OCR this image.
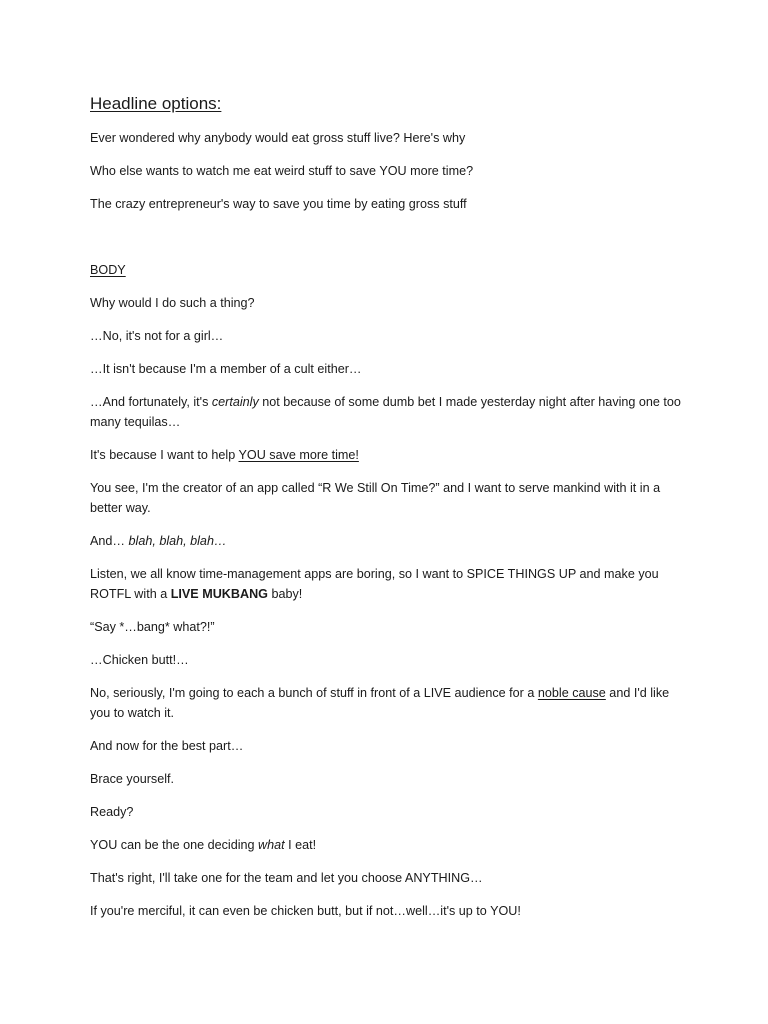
Headline options:

Ever wondered why anybody would eat gross stuff live? Here's why

Who else wants to watch me eat weird stuff to save YOU more time?

The crazy entrepreneur's way to save you time by eating gross stuff

BODY

Why would I do such a thing?

…No, it's not for a girl…

…It isn't because I'm a member of a cult either…

…And fortunately, it's certainly not because of some dumb bet I made yesterday night after having one too many tequilas…

It's because I want to help YOU save more time!

You see, I'm the creator of an app called “R We Still On Time?” and I want to serve mankind with it in a better way.

And… blah, blah, blah…

Listen, we all know time-management apps are boring, so I want to SPICE THINGS UP and make you ROTFL with a LIVE MUKBANG baby!

“Say *…bang* what?!”

…Chicken butt!…

No, seriously, I'm going to each a bunch of stuff in front of a LIVE audience for a noble cause and I'd like you to watch it.

And now for the best part…

Brace yourself.

Ready?

YOU can be the one deciding what I eat!

That's right, I'll take one for the team and let you choose ANYTHING…

If you're merciful, it can even be chicken butt, but if not…well…it's up to YOU!
